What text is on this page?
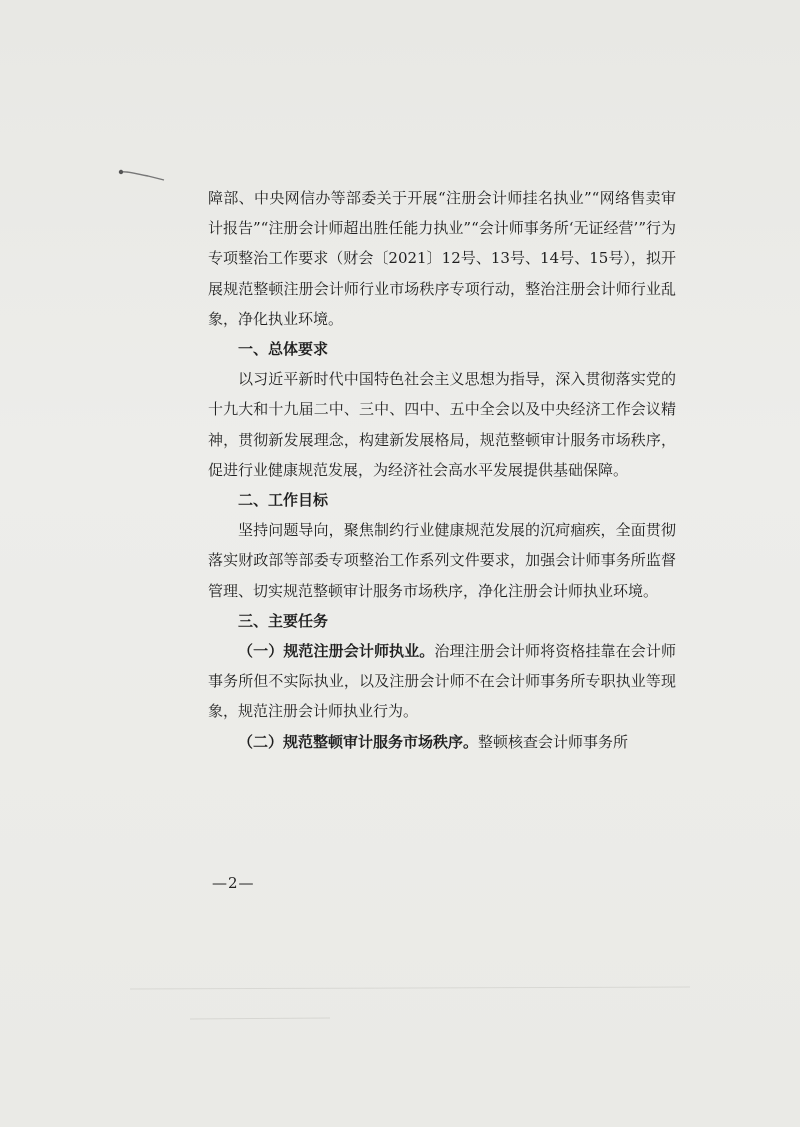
障部、中央网信办等部委关于开展“注册会计师挂名执业”“网络售卖审计报告”“注册会计师超出胜任能力执业”“会计师事务所‘无证经营’”行为专项整治工作要求（财会〔2021〕12号、13号、14号、15号），拟开展规范整顿注册会计师行业市场秩序专项行动，整治注册会计师行业乱象，净化执业环境。

一、总体要求

以习近平新时代中国特色社会主义思想为指导，深入贯彻落实党的十九大和十九届二中、三中、四中、五中全会以及中央经济工作会议精神，贯彻新发展理念，构建新发展格局，规范整顿审计服务市场秩序，促进行业健康规范发展，为经济社会高水平发展提供基础保障。

二、工作目标

坚持问题导向，聚焦制约行业健康规范发展的沉疴痼疾，全面贯彻落实财政部等部委专项整治工作系列文件要求，加强会计师事务所监督管理、切实规范整顿审计服务市场秩序，净化注册会计师执业环境。

三、主要任务

（一）规范注册会计师执业。治理注册会计师将资格挂靠在会计师事务所但不实际执业，以及注册会计师不在会计师事务所专职执业等现象，规范注册会计师执业行为。

（二）规范整顿审计服务市场秩序。整顿核查会计师事务所

—2—
